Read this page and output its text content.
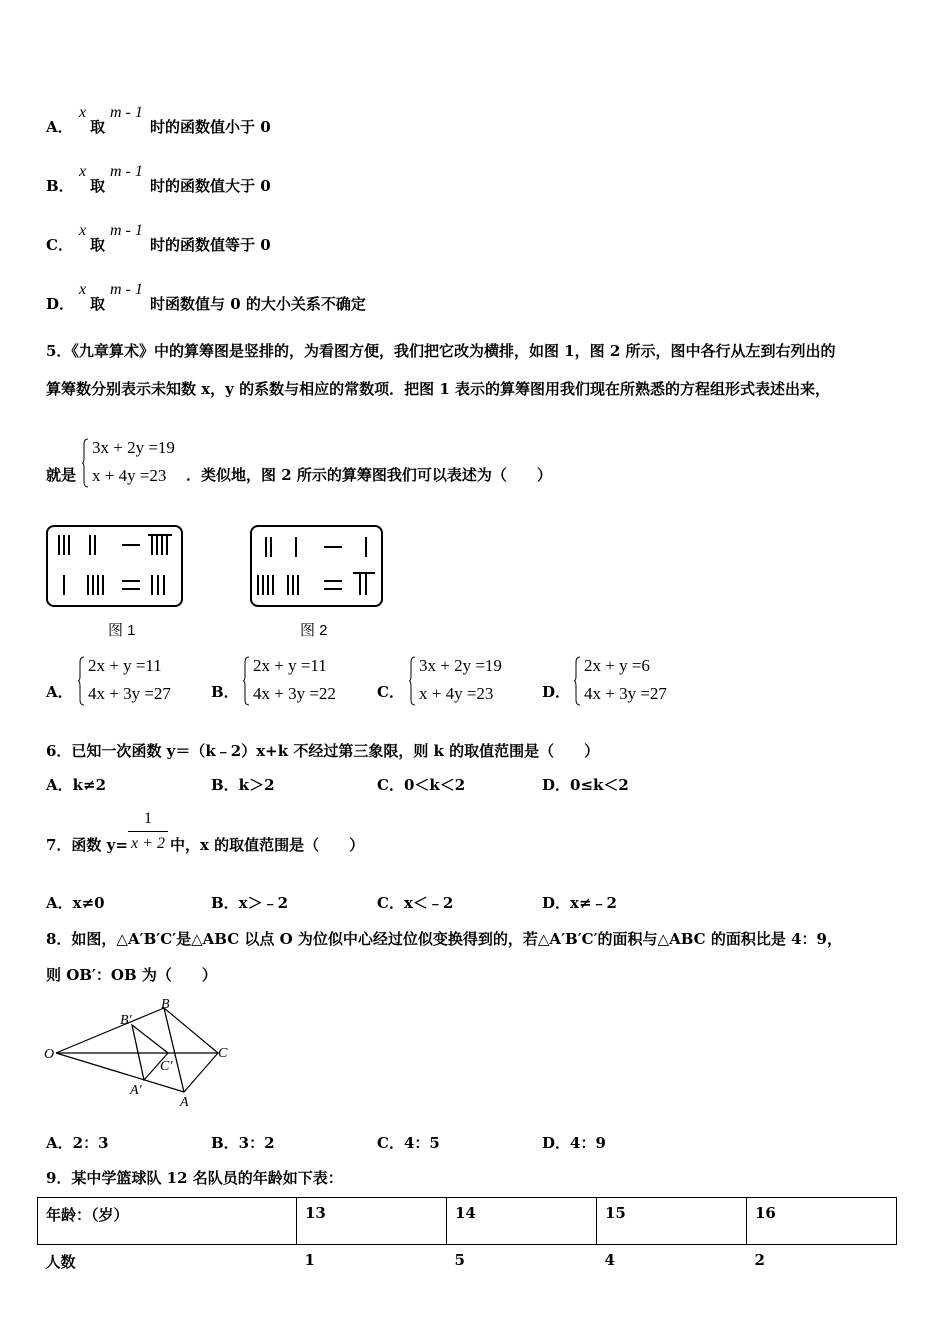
A．
x
取
m - 1
时的函数值小于 0
B．
x
取
m - 1
时的函数值大于 0
C．
x
取
m - 1
时的函数值等于 0
D．
x
取
m - 1
时函数值与 0 的大小关系不确定
5．《九章算术》中的算筹图是竖排的，为看图方便，我们把它改为横排，如图 1，图 2 所示，图中各行从左到右列出的
算筹数分别表示未知数 x，y 的系数与相应的常数项．把图 1 表示的算筹图用我们现在所熟悉的方程组形式表述出来，
就是
3x + 2y =19
x + 4y =23 ．类似地，图 2 所示的算筹图我们可以表述为（　　）
图 1	图 2
A．
2x + y =11
4x + 3y =27	B．
2x + y =11
4x + 3y =22	C．
3x + 2y =19
x + 4y =23	D．
2x + y =6
4x + 3y =27
6．已知一次函数 y＝（k﹣2）x+k 不经过第三象限，则 k 的取值范围是（　　）
A．k≠2	B．k＞2	C．0＜k＜2	D．0≤k＜2
7．函数 y=
1
x + 2 中，x 的取值范围是（　　）
A．x≠0	B．x＞﹣2	C．x＜﹣2	D．x≠﹣2
8．如图，△A′B′C′是△ABC 以点 O 为位似中心经过位似变换得到的，若△A′B′C′的面积与△ABC 的面积比是 4：9，
则 OB′：OB 为（　　）
O
B
B′
C
C′
A
A′
A．2：3	B．3：2	C．4：5	D．4：9
9．某中学篮球队 12 名队员的年龄如下表：
年龄：（岁）	13	14	15	16
人数	1	5	4	2
